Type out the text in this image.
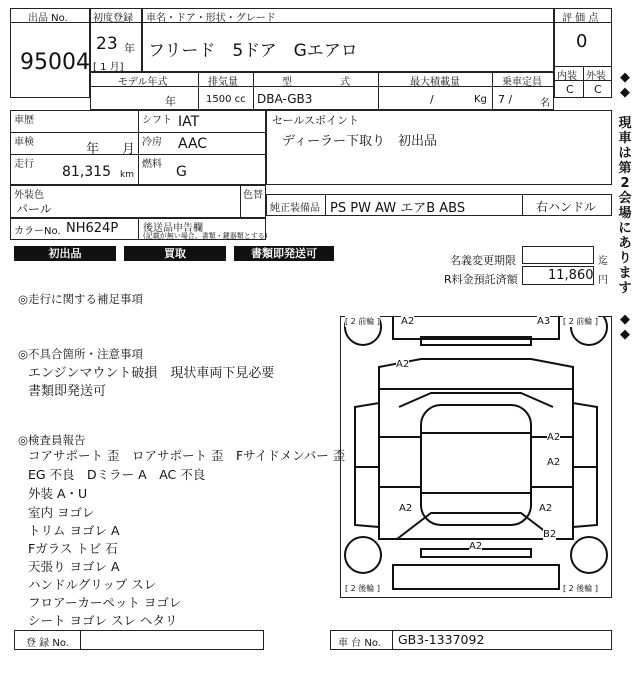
出品 No.
95004
初度登録
23 年
[ 1 月]
車名・ドア・形状・グレード
フリード　5ドア　Gエアロ
評 価 点
0
内装 外装
C C
モデル年式
年
排気量
1500 cc
型	式
DBA-GB3
最大積載量
/	Kg
乗車定員
7 /	名
車歴	シフト IAT
車検	年 月 冷房 AAC
走行 81,315 km
燃料 G
セールスポイント
ディーラー下取り　初出品
外装色
パール
色替
純正装備品 PS PW AW エアB ABS	右ハンドル
カラーNo. NH624P 後送品申告欄
(記載が無い場合、書類・鍵器類とする)
初出品	買取	書類即発送可
名義変更期限	迄
R料金預託済額 11,860 円
◎走行に関する補足事項
◎不具合箇所・注意事項
エンジンマウント破損　現状車両下見必要
書類即発送可
◎検査員報告
コアサポート 歪　ロアサポート 歪　Fサイドメンバー 歪
EG 不良　Dミラー A　AC 不良
外装 A・U
室内 ヨゴレ
トリム ヨゴレ A
Fガラス トビ 石
天張り ヨゴレ A
ハンドルグリップ スレ
フロアーカーペット ヨゴレ
シート ヨゴレ スレ ヘタリ
[ 2 前輪 ]	[ 2 前輪 ]
[ 2 後輪 ]	[ 2 後輪 ]
A2	A3
A2
A2
A2
A2	A2
B2
A2
◆
◆
現
車
は
第
2
会
場
に
あ
り
ま
す
◆
◆
登 録 No.	車 台 No. GB3-1337092
